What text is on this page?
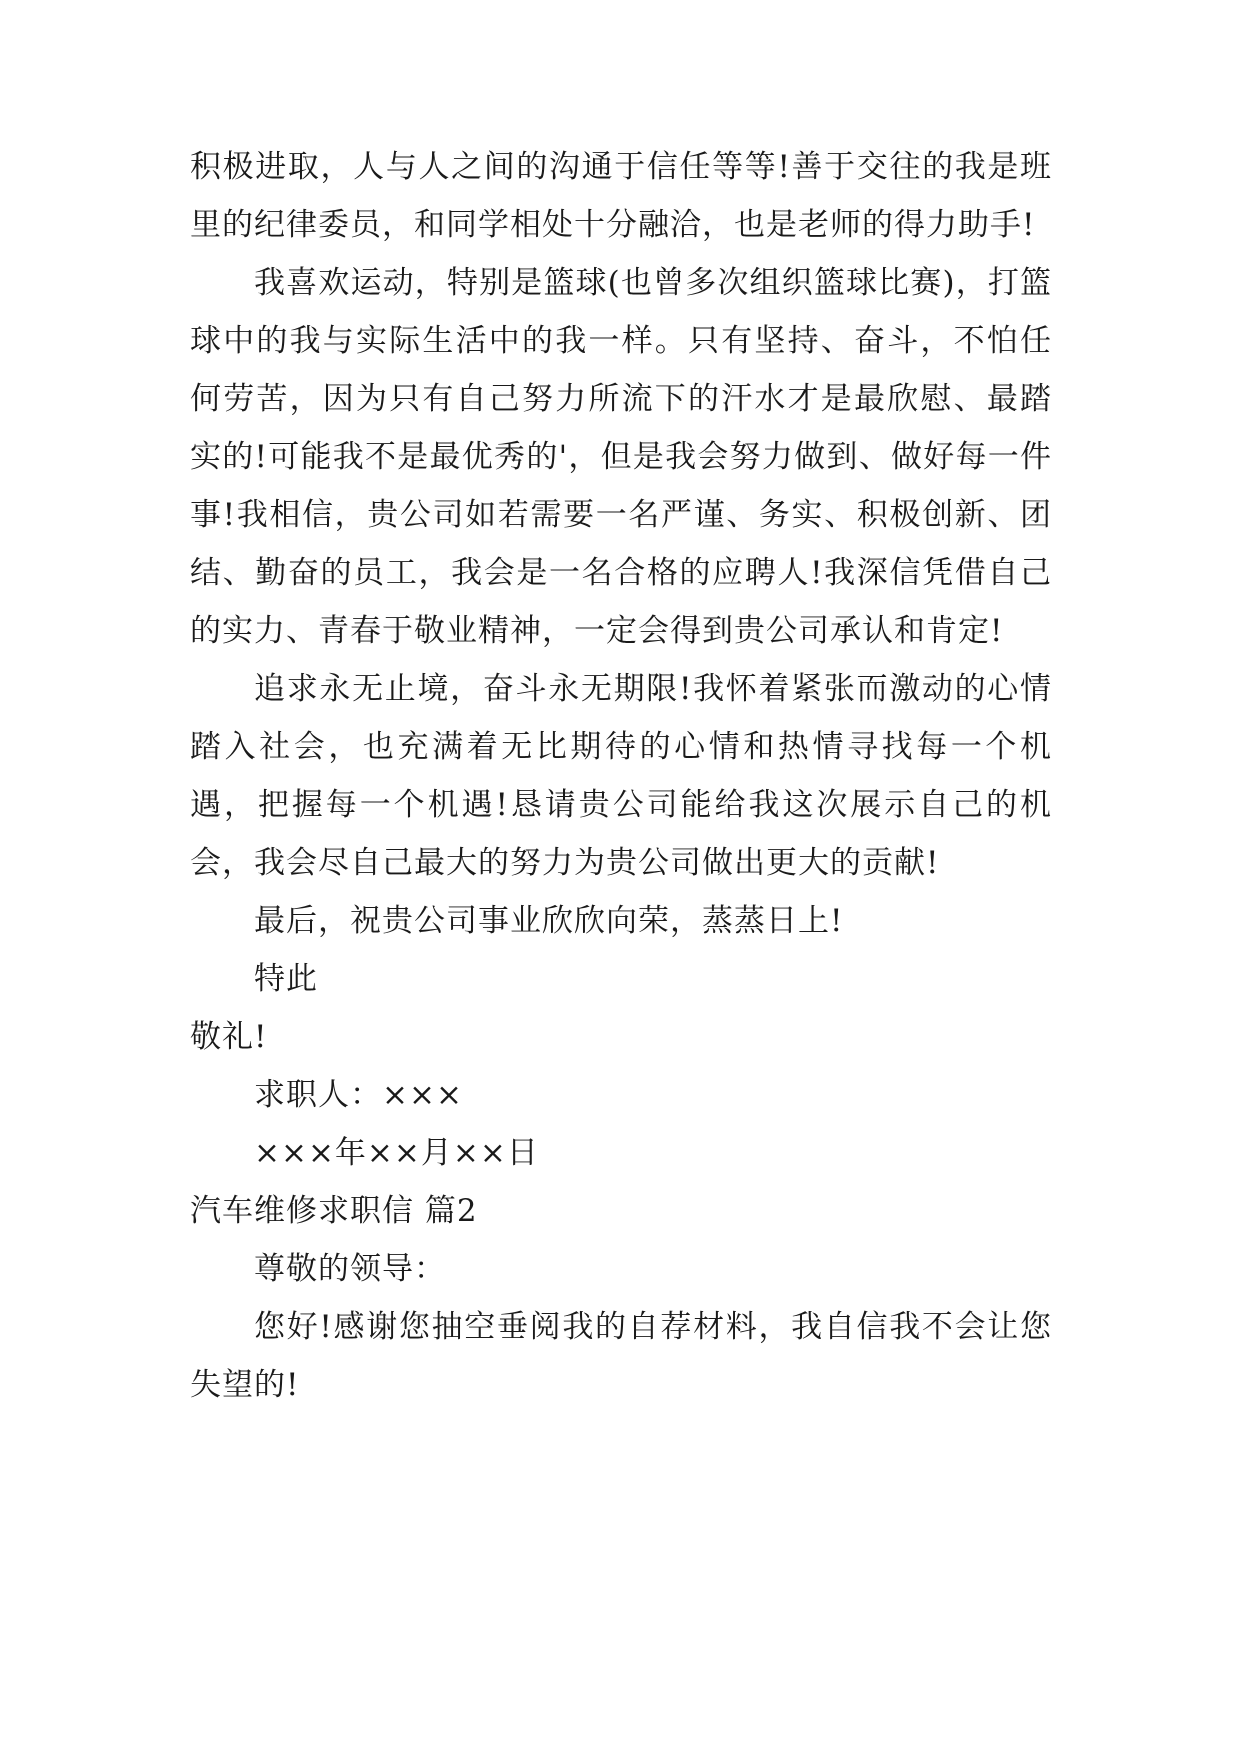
积极进取，人与人之间的沟通于信任等等!善于交往的我是班里的纪律委员，和同学相处十分融洽，也是老师的得力助手!

我喜欢运动，特别是篮球(也曾多次组织篮球比赛)，打篮球中的我与实际生活中的我一样。只有坚持、奋斗，不怕任何劳苦，因为只有自己努力所流下的汗水才是最欣慰、最踏实的!可能我不是最优秀的'，但是我会努力做到、做好每一件事!我相信，贵公司如若需要一名严谨、务实、积极创新、团结、勤奋的员工，我会是一名合格的应聘人!我深信凭借自己的实力、青春于敬业精神，一定会得到贵公司承认和肯定!

追求永无止境，奋斗永无期限!我怀着紧张而激动的心情踏入社会，也充满着无比期待的心情和热情寻找每一个机遇，把握每一个机遇!恳请贵公司能给我这次展示自己的机会，我会尽自己最大的努力为贵公司做出更大的贡献!

最后，祝贵公司事业欣欣向荣，蒸蒸日上!

特此

敬礼!

求职人：×××

×××年××月××日

汽车维修求职信 篇2

尊敬的领导：

您好!感谢您抽空垂阅我的自荐材料，我自信我不会让您失望的!
